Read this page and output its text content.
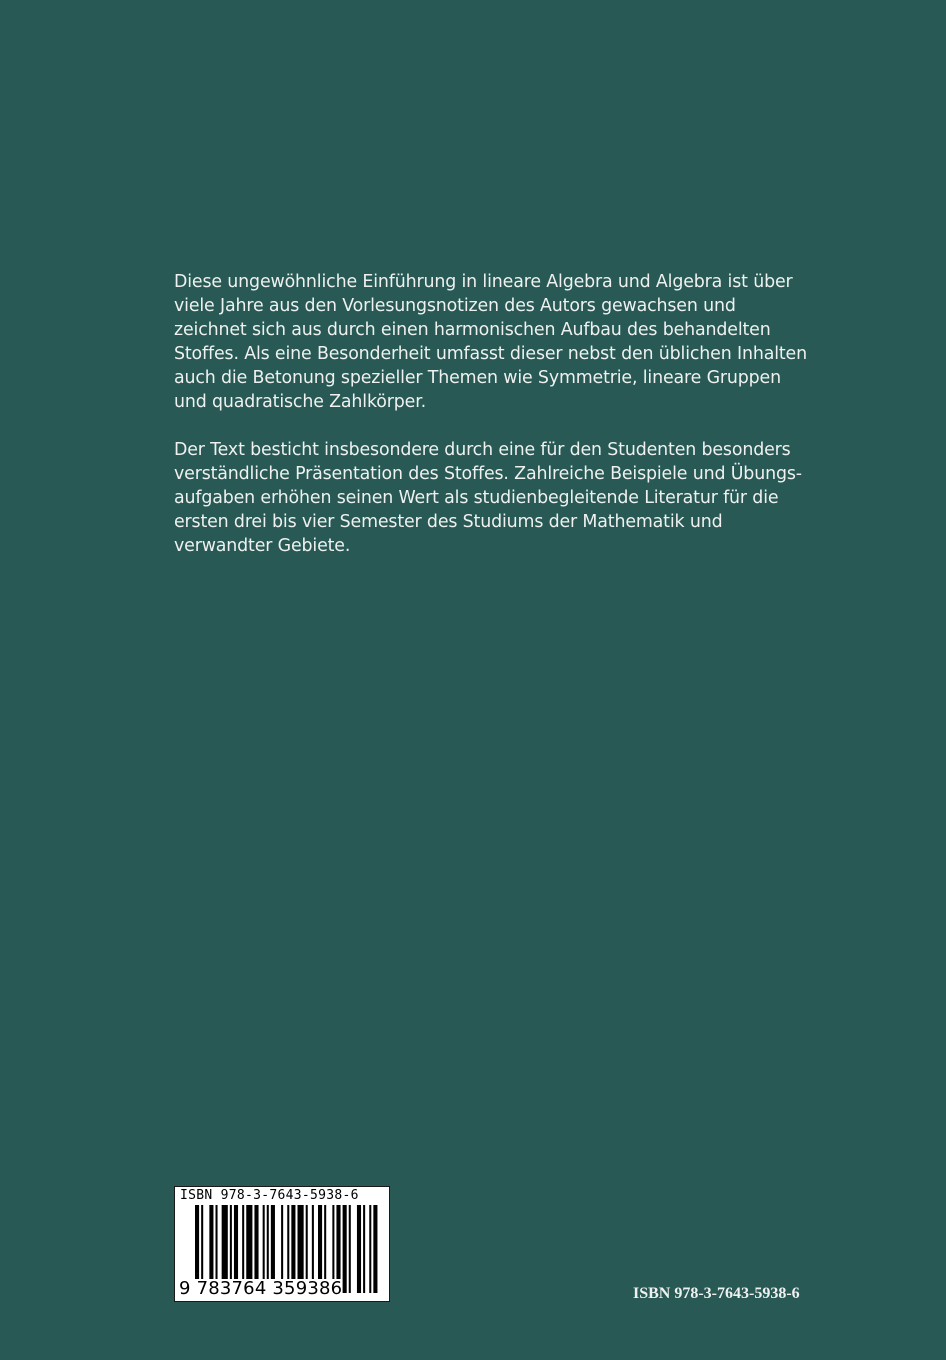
Diese ungewöhnliche Einführung in lineare Algebra und Algebra ist über
viele Jahre aus den Vorlesungsnotizen des Autors gewachsen und
zeichnet sich aus durch einen harmonischen Aufbau des behandelten
Stoffes. Als eine Besonderheit umfasst dieser nebst den üblichen Inhalten
auch die Betonung spezieller Themen wie Symmetrie, lineare Gruppen
und quadratische Zahlkörper.

Der Text besticht insbesondere durch eine für den Studenten besonders
verständliche Präsentation des Stoffes. Zahlreiche Beispiele und Übungs-
aufgaben erhöhen seinen Wert als studienbegleitende Literatur für die
ersten drei bis vier Semester des Studiums der Mathematik und
verwandter Gebiete.

ISBN 978-3-7643-5938-6
9 783764 359386	ISBN 978-3-7643-5938-6
